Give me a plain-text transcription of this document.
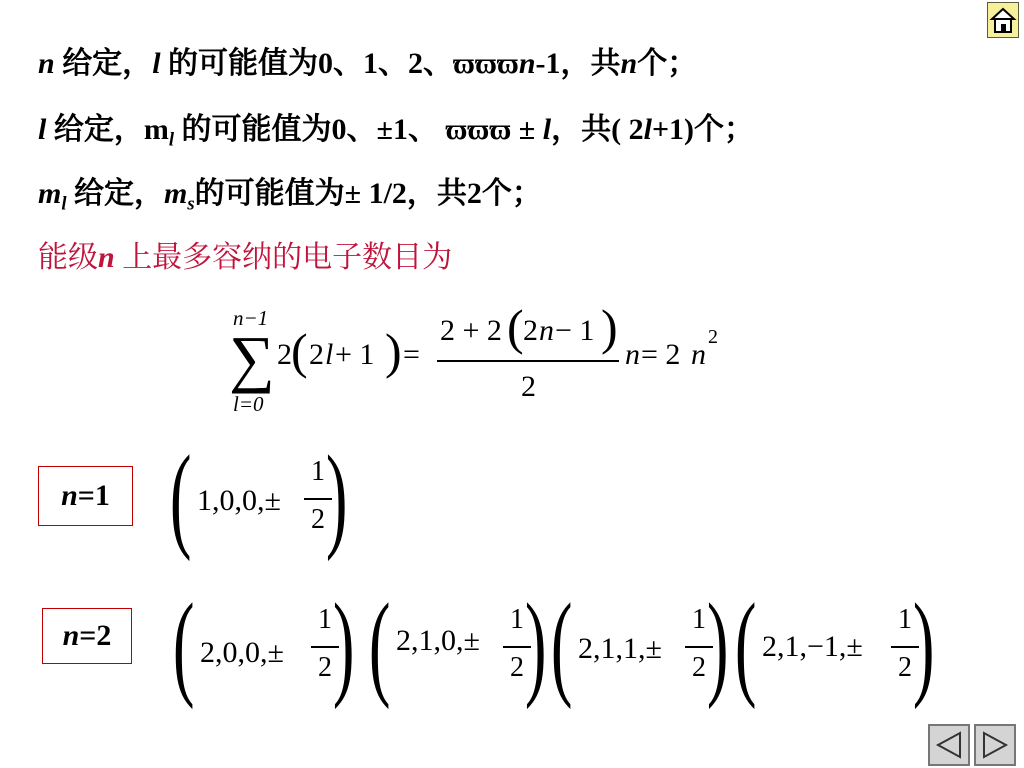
n 给定，l 的可能值为0、1、2、ϖϖϖn-1，共n个；
l 给定，$m_l$ 的可能值为0、±1、 ϖϖϖ ± l，共( 2l+1)个；
$m_l$ 给定，$m_s$的可能值为± 1/2，共2个；
能级n 上最多容纳的电子数目为
n−1
∑
l=0
2 ( 2 l + 1 ) =
2 + 2 ( 2 n − 1 )
2
n = 2 n
2
n =1 ( 1,0,0,±
1
2 )
n =2 ( 2,0,0,±
1
2 ) ( 2,1,0,±
1
2 ) ( 2,1,1,±
1
2 ) ( 2,1,−1,±
1
2 )
